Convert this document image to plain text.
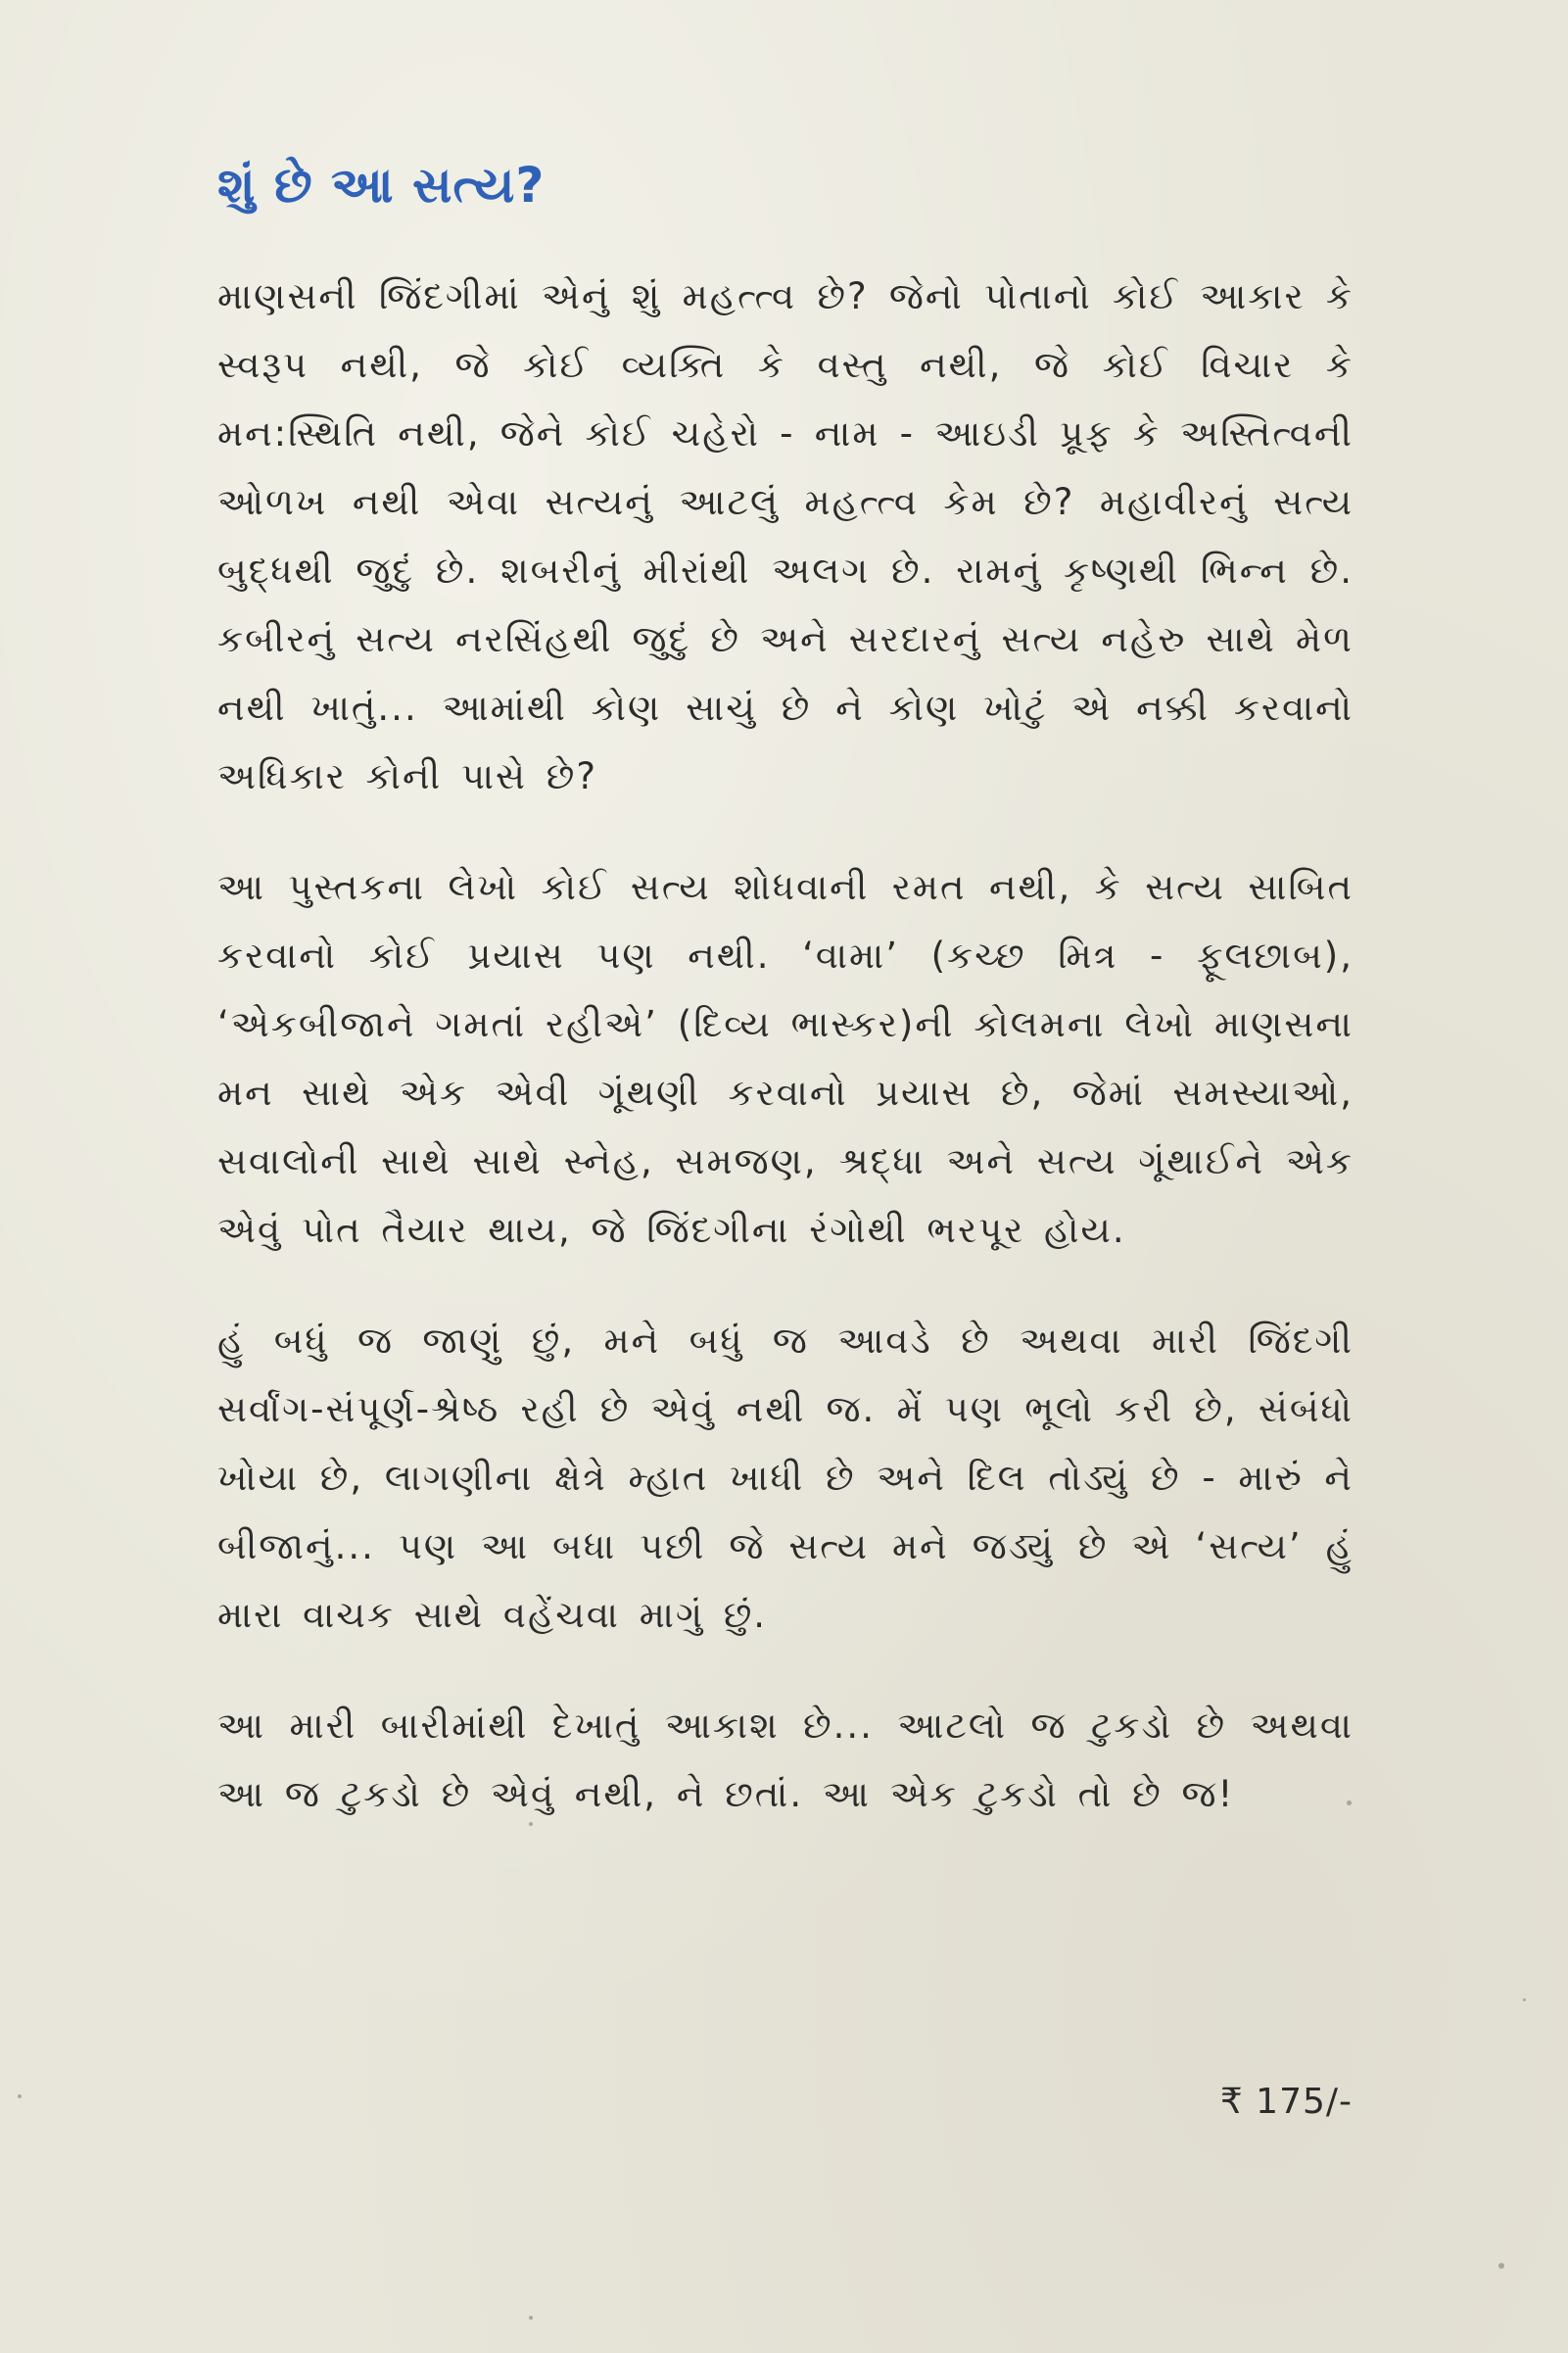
શું છે આ સત્ય?

માણસની જિંદગીમાં એનું શું મહત્ત્વ છે? જેનો પોતાનો કોઈ આકાર કે સ્વરૂપ નથી, જે કોઈ વ્યક્તિ કે વસ્તુ નથી, જે કોઈ વિચાર કે મન:સ્થિતિ નથી, જેને કોઈ ચહેરો - નામ - આઇડી પ્રૂફ કે અસ્તિત્વની ઓળખ નથી એવા સત્યનું આટલું મહત્ત્વ કેમ છે? મહાવીરનું સત્ય બુદ્ધથી જુદું છે. શબરીનું મીરાંથી અલગ છે. રામનું કૃષ્ણથી ભિન્ન છે. કબીરનું સત્ય નરસિંહથી જુદું છે અને સરદારનું સત્ય નહેરુ સાથે મેળ નથી ખાતું... આમાંથી કોણ સાચું છે ને કોણ ખોટું એ નક્કી કરવાનો અધિકાર કોની પાસે છે?

આ પુસ્તકના લેખો કોઈ સત્ય શોધવાની રમત નથી, કે સત્ય સાબિત કરવાનો કોઈ પ્રયાસ પણ નથી. ‘વામા’ (કચ્છ મિત્ર - ફૂલછાબ), ‘એકબીજાને ગમતાં રહીએ’ (દિવ્ય ભાસ્કર)ની કોલમના લેખો માણસના મન સાથે એક એવી ગૂંથણી કરવાનો પ્રયાસ છે, જેમાં સમસ્યાઓ, સવાલોની સાથે સાથે સ્નેહ, સમજણ, શ્રદ્ધા અને સત્ય ગૂંથાઈને એક એવું પોત તૈયાર થાય, જે જિંદગીના રંગોથી ભરપૂર હોય.

હું બધું જ જાણું છું, મને બધું જ આવડે છે અથવા મારી જિંદગી સર્વાંગ-સંપૂર્ણ-શ્રેષ્ઠ રહી છે એવું નથી જ. મેં પણ ભૂલો કરી છે, સંબંધો ખોયા છે, લાગણીના ક્ષેત્રે મ્હાત ખાધી છે અને દિલ તોડ્યું છે - મારું ને બીજાનું... પણ આ બધા પછી જે સત્ય મને જડ્યું છે એ ‘સત્ય’ હું મારા વાચક સાથે વહેંચવા માગું છું.

આ મારી બારીમાંથી દેખાતું આકાશ છે... આટલો જ ટુકડો છે અથવા આ જ ટુકડો છે એવું નથી, ને છતાં. આ એક ટુકડો તો છે જ!

₹ 175/-
